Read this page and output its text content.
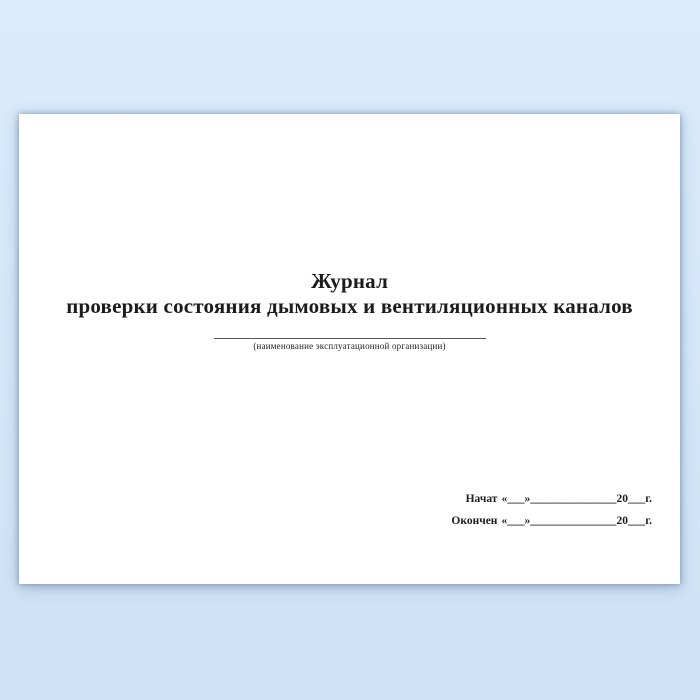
Журнал
проверки состояния дымовых и вентиляционных каналов
(наименование эксплуатационной организации)
Начат «___»_______________20___г.
Окончен «___»_______________20___г.
